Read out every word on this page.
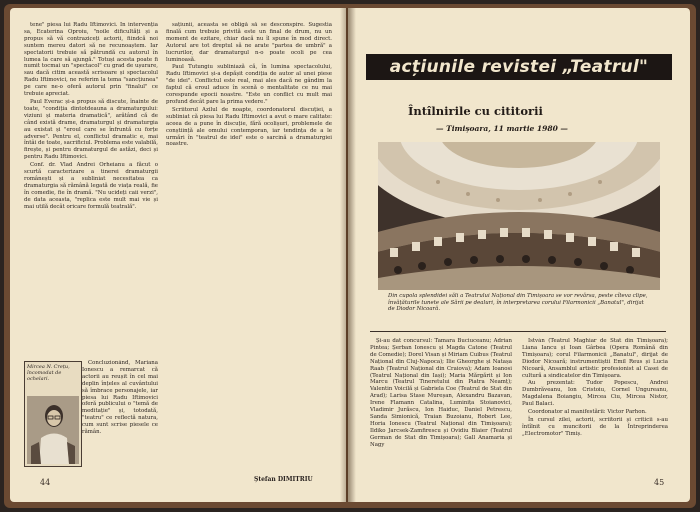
tene" piesa lui Radu Iftimovici. În intervenția sa, Ecaterina Oproiu, "noile dificultăți și a propus să vă contraziceți actorii, fiindcă noi suntem mereu datori să ne recunoaștem. Iar spectatorii trebuie să pătrundă cu autorul în lumea la care să ajungă." Totuși acesta poate fi numit tocmai un "spectacol" cu grad de ușurare, sau dacă citim această scrisoare și spectacolul Radu Iftimovici, ne referim la tema "sancțiunea" pe care ne-o oferă autorul prin "finalul" ce trebuie apreciat.

Paul Everac și-a propus să discute, înainte de toate, "condiția dintotdeauna a dramaturgului: viziuni și materia dramatică", arătând că de când există drame, dramaturgul și dramaturgia au existat și "eroul care se înfruntă cu forțe adverse". Pentru el, conflictul dramatic e, mai întâi de toate, sacrificiul. Problema este valabilă, firește, și pentru dramaturgul de astăzi, deci și pentru Radu Iftimovici.

Conf. dr. Vlad Andrei Orheianu a făcut o scurtă caracterizare a tinerei dramaturgii românești și a subliniat necesitatea ca dramaturgia să rămână legată de viața reală, fie în comedie, fie în dramă. "Nu ucideți caii verzi", de data aceasta, "replica este mult mai vie și mai utilă decât oricare formulă teatrală".

Concluzionând, Mariana Ionescu a remarcat că actorii au reușit în cel mai deplin înțeles al cuvântului să îmbrace personajele, iar piesa lui Radu Iftimovici oferă publicului o "temă de meditație" și, totodată, "teatru" ce reflectă natura, cum sunt scrise piesele ce rămân.

Mircea N. Crețu, încomodat de ochelari.

sațiunii, aceasta se obligă să se desconspire. Sugestia finală cum trebuie privită este un final de drum, nu un moment de ezitare, chiar dacă nu îl spune în mod direct. Autorul are tot dreptul să ne arate "partea de umbră" a lucrurilor, dar dramaturgul n-o poate ocoli pe cea luminoasă.

Paul Tutungiu subliniază că, în lumina spectacolului, Radu Iftimovici și-a depășit condiția de autor al unei piese "de idei". Conflictul este real, mai ales dacă ne gândim la faptul că eroul aduce în scenă o mentalitate ce nu mai corespunde epocii noastre. "Este un conflict cu mult mai profund decât pare la prima vedere."

Scriitorul Azilul de noapte, coordonatorul discuției, a subliniat că piesa lui Radu Iftimovici a avut o mare calitate: aceea de a pune în discuție, fără ocolișuri, problemele de conștiință ale omului contemporan, iar tendința de a le urmări în "teatrul de idei" este o sarcină a dramaturgiei noastre.

Ștefan DIMITRIU
44
acțiunile revistei „Teatrul"
Întîlnirile cu cititorii
— Timișoara, 11 martie 1980 —
Din cupola splendidei săli a Teatrului Național din Timișoara se vor revărsa, peste cîteva clipe, învățăturile tunete ale Sării pe dealuri, în interpretarea corului Filarmonicii „Banatul", dirijat de Diodor Nicoară.

Și-au dat concursul: Tamara Buciuceanu; Adrian Pintea; Șerban Ionescu și Magda Catone (Teatrul de Comedie); Dorel Visan și Miriam Cuibus (Teatrul Național din Cluj-Napoca); Ilie Gheorghe și Natașa Raab (Teatrul Național din Craiova); Adam Ioanosi (Teatrul Național din Iași); Maria Mărgărit și Ion Marcu (Teatrul Tineretului din Piatra Neamț); Valentin Voicilă și Gabriela Coe (Teatrul de Stat din Arad); Larisa Stase Mureșan, Alexandru Bazavan, Irene Flamann Catalina, Luminița Stoianovici, Vladimir Jurăscu, Ion Haiduc, Daniel Petrescu, Sanda Simionică, Traian Buzoianu, Robert Lee, Horia Ionescu (Teatrul Național din Timișoara); Ildiko Jarcsek-Zamfirescu și Ovidiu Blaier (Teatrul German de Stat din Timișoara); Gall Anamaria și Nagy

István (Teatrul Maghiar de Stat din Timișoara); Liana Iancu și Ioan Gârbea (Opera Română din Timișoara); corul Filarmonicii „Banatul", dirijat de Diodor Nicoară; instrumentiștii Emil Reus și Lucia Nicoară, Ansamblul artistic profesionist al Casei de cultură a sindicatelor din Timișoara.

Au prezentat: Tudor Popescu, Andrei Dumbrăveanu, Ion Cristoiu, Cornel Ungureanu, Magdalena Boiangiu, Mircea Ciu, Mircea Nistor, Paul Balaci.

Coordonator al manifestării: Victor Parhon.

În cursul zilei, actorii, scriitorii și criticii s-au întîlnit cu muncitorii de la Întreprinderea „Electromotor" Timiș.

45
